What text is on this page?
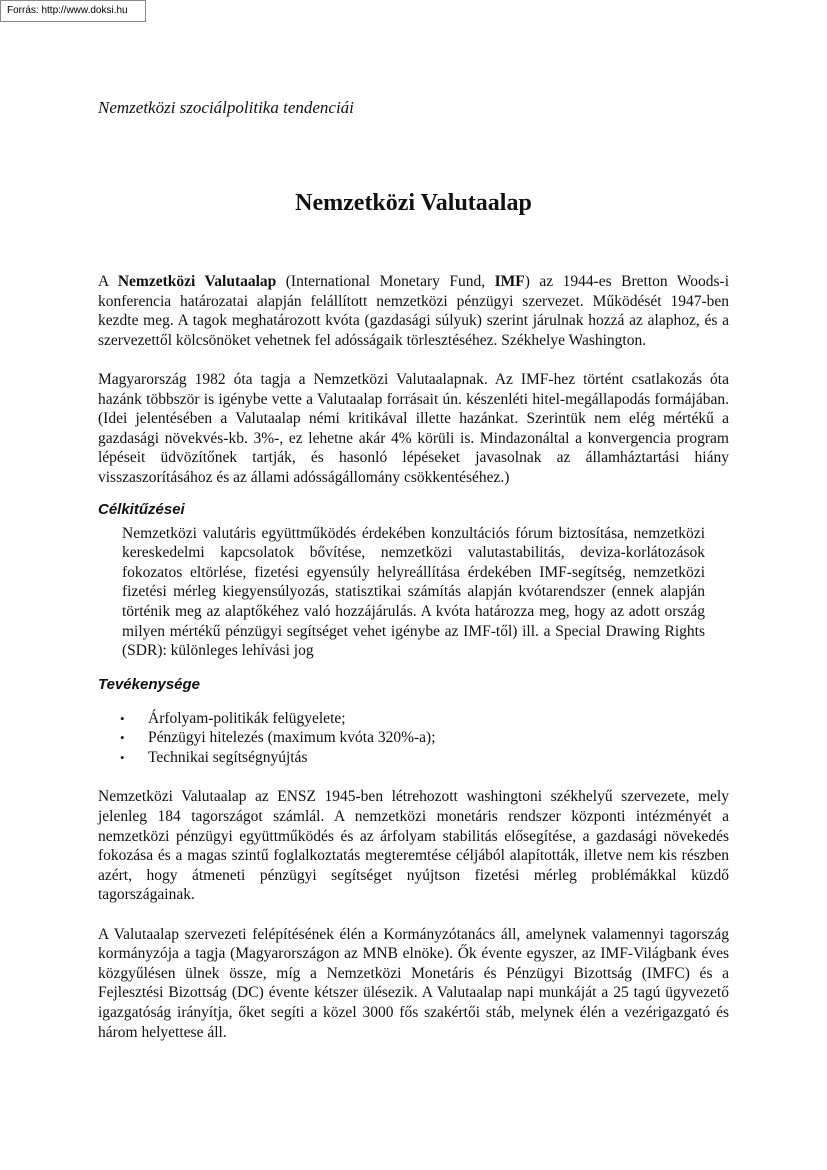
Forrás: http://www.doksi.hu
Nemzetközi szociálpolitika tendenciái
Nemzetközi Valutaalap

A Nemzetközi Valutaalap (International Monetary Fund, IMF) az 1944-es Bretton Woods-i konferencia határozatai alapján felállított nemzetközi pénzügyi szervezet. Működését 1947-ben kezdte meg. A tagok meghatározott kvóta (gazdasági súlyuk) szerint járulnak hozzá az alaphoz, és a szervezettől kölcsönöket vehetnek fel adósságaik törlesztéséhez. Székhelye Washington.

Magyarország 1982 óta tagja a Nemzetközi Valutaalapnak. Az IMF-hez történt csatlakozás óta hazánk többször is igénybe vette a Valutaalap forrásait ún. készenléti hitel-megállapodás formájában. (Idei jelentésében a Valutaalap némi kritikával illette hazánkat. Szerintük nem elég mértékű a gazdasági növekvés-kb. 3%-, ez lehetne akár 4% körüli is. Mindazonáltal a konvergencia program lépéseit üdvözítőnek tartják, és hasonló lépéseket javasolnak az államháztartási hiány visszaszorításához és az állami adósságállomány csökkentéséhez.)

Célkitűzései

Nemzetközi valutáris együttműködés érdekében konzultációs fórum biztosítása, nemzetközi kereskedelmi kapcsolatok bővítése, nemzetközi valutastabilitás, deviza-korlátozások fokozatos eltörlése, fizetési egyensúly helyreállítása érdekében IMF-segítség, nemzetközi fizetési mérleg kiegyensúlyozás, statisztikai számítás alapján kvótarendszer (ennek alapján történik meg az alaptőkéhez való hozzájárulás. A kvóta határozza meg, hogy az adott ország milyen mértékű pénzügyi segítséget vehet igénybe az IMF-től) ill. a Special Drawing Rights (SDR): különleges lehívási jog

Tevékenysége
• Árfolyam-politikák felügyelete;
• Pénzügyi hitelezés (maximum kvóta 320%-a);
• Technikai segítségnyújtás

Nemzetközi Valutaalap az ENSZ 1945-ben létrehozott washingtoni székhelyű szervezete, mely jelenleg 184 tagországot számlál. A nemzetközi monetáris rendszer központi intézményét a nemzetközi pénzügyi együttműködés és az árfolyam stabilitás elősegítése, a gazdasági növekedés fokozása és a magas szintű foglalkoztatás megteremtése céljából alapították, illetve nem kis részben azért, hogy átmeneti pénzügyi segítséget nyújtson fizetési mérleg problémákkal küzdő tagországainak.

A Valutaalap szervezeti felépítésének élén a Kormányzótanács áll, amelynek valamennyi tagország kormányzója a tagja (Magyarországon az MNB elnöke). Ők évente egyszer, az IMF-Világbank éves közgyűlésen ülnek össze, míg a Nemzetközi Monetáris és Pénzügyi Bizottság (IMFC) és a Fejlesztési Bizottság (DC) évente kétszer ülésezik. A Valutaalap napi munkáját a 25 tagú ügyvezető igazgatóság irányítja, őket segíti a közel 3000 fős szakértői stáb, melynek élén a vezérigazgató és három helyettese áll.
